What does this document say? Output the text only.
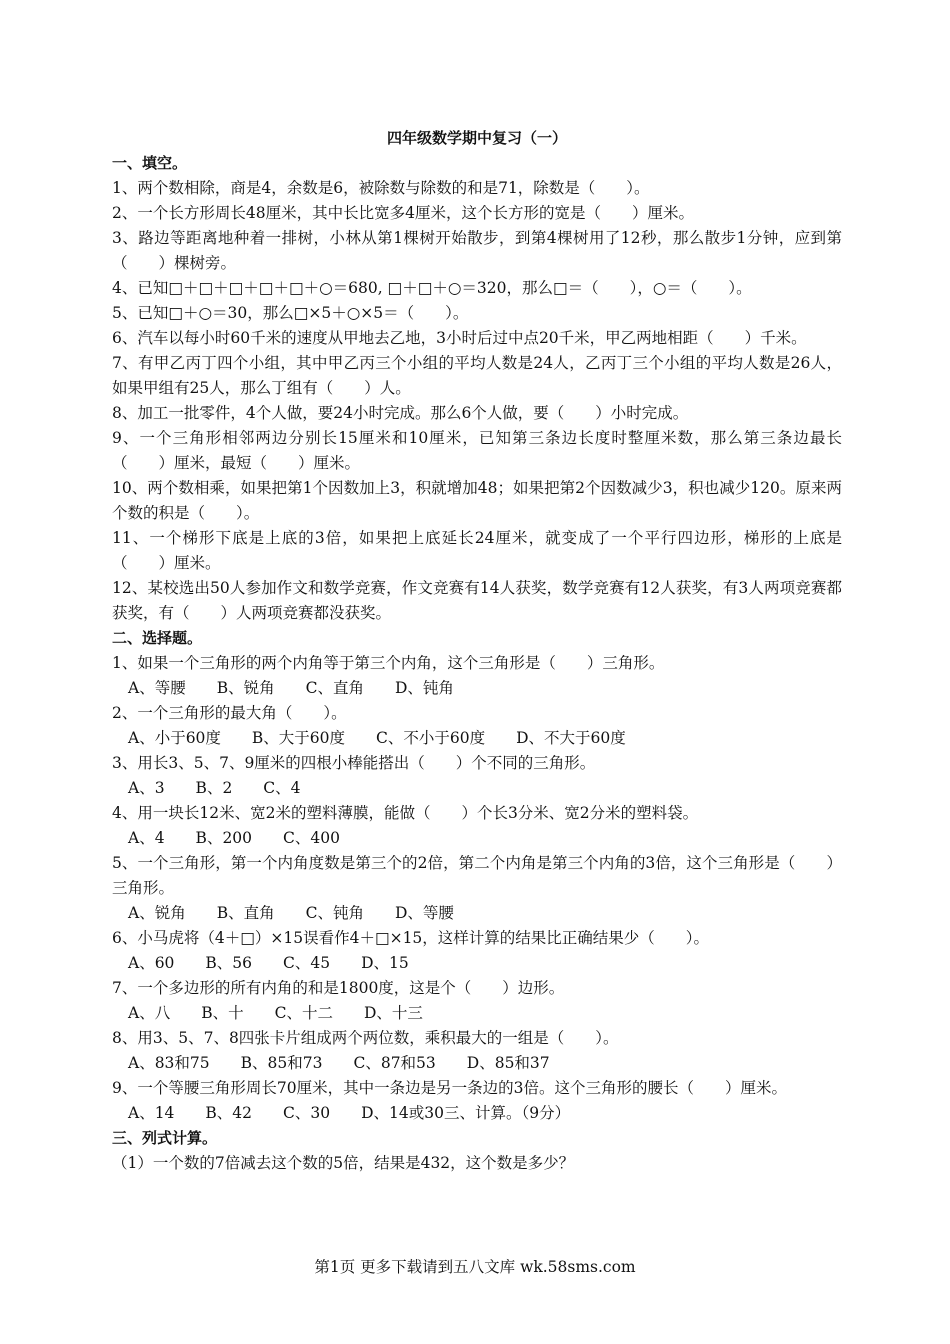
四年级数学期中复习（一）
一、填空。

1、两个数相除，商是4，余数是6，被除数与除数的和是71，除数是（　　）。

2、一个长方形周长48厘米，其中长比宽多4厘米，这个长方形的宽是（　　）厘米。

3、路边等距离地种着一排树，小林从第1棵树开始散步，到第4棵树用了12秒，那么散步1分钟，应到第（　　）棵树旁。

4、已知□＋□＋□＋□＋□＋○＝680, □＋□＋○＝320，那么□＝（　　），○＝（　　）。

5、已知□＋○＝30，那么□×5＋○×5＝（　　）。

6、汽车以每小时60千米的速度从甲地去乙地，3小时后过中点20千米，甲乙两地相距（　　）千米。

7、有甲乙丙丁四个小组，其中甲乙丙三个小组的平均人数是24人，乙丙丁三个小组的平均人数是26人，如果甲组有25人，那么丁组有（　　）人。

8、加工一批零件，4个人做，要24小时完成。那么6个人做，要（　　）小时完成。

9、一个三角形相邻两边分别长15厘米和10厘米，已知第三条边长度时整厘米数，那么第三条边最长（　　）厘米，最短（　　）厘米。

10、两个数相乘，如果把第1个因数加上3，积就增加48；如果把第2个因数减少3，积也减少120。原来两个数的积是（　　）。

11、一个梯形下底是上底的3倍，如果把上底延长24厘米，就变成了一个平行四边形，梯形的上底是（　　）厘米。

12、某校选出50人参加作文和数学竞赛，作文竞赛有14人获奖，数学竞赛有12人获奖，有3人两项竞赛都获奖，有（　　）人两项竞赛都没获奖。

二、选择题。

1、如果一个三角形的两个内角等于第三个内角，这个三角形是（　　）三角形。

A、等腰　　B、锐角　　C、直角　　D、钝角

2、一个三角形的最大角（　　）。

A、小于60度　　B、大于60度　　C、不小于60度　　D、不大于60度

3、用长3、5、7、9厘米的四根小棒能搭出（　　）个不同的三角形。

A、3　　B、2　　C、4

4、用一块长12米、宽2米的塑料薄膜，能做（　　）个长3分米、宽2分米的塑料袋。

A、4　　B、200　　C、400

5、一个三角形，第一个内角度数是第三个的2倍，第二个内角是第三个内角的3倍，这个三角形是（　　）三角形。

A、锐角　　B、直角　　C、钝角　　D、等腰

6、小马虎将（4＋□）×15误看作4＋□×15，这样计算的结果比正确结果少（　　）。

A、60　　B、56　　C、45　　D、15

7、一个多边形的所有内角的和是1800度，这是个（　　）边形。

A、八　　B、十　　C、十二　　D、十三

8、用3、5、7、8四张卡片组成两个两位数，乘积最大的一组是（　　）。

A、83和75　　B、85和73　　C、87和53　　D、85和37

9、一个等腰三角形周长70厘米，其中一条边是另一条边的3倍。这个三角形的腰长（　　）厘米。

A、14　　B、42　　C、30　　D、14或30三、计算。（9分）

三、列式计算。

（1）一个数的7倍减去这个数的5倍，结果是432，这个数是多少？

第1页 更多下载请到五八文库 wk.58sms.com
